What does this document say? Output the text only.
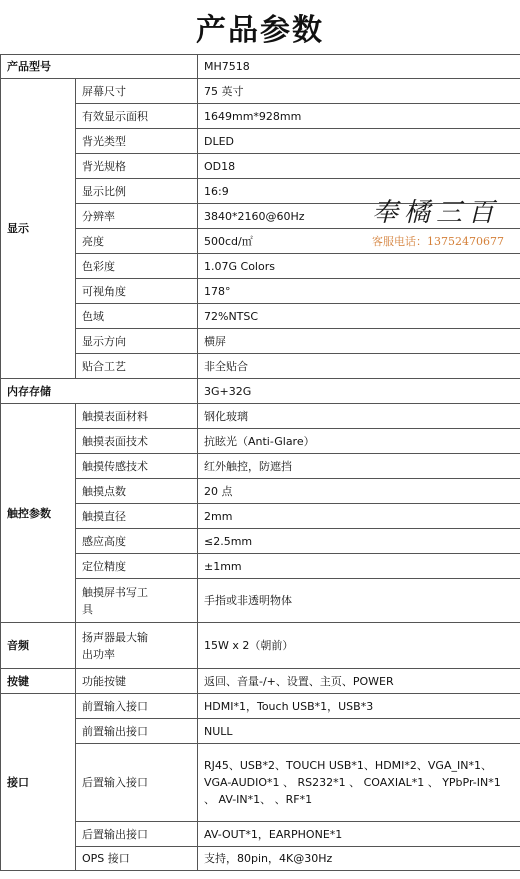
产品参数
产品型号		MH7518
显示	屏幕尺寸	75 英寸
	有效显示面积	1649mm*928mm
	背光类型	DLED
	背光规格	OD18
	显示比例	16:9
	分辨率	3840*2160@60Hz
	亮度	500cd/㎡
	色彩度	1.07G Colors
	可视角度	178°
	色域	72%NTSC
	显示方向	横屏
	贴合工艺	非全贴合
内存存储		3G+32G
触控参数	触摸表面材料	钢化玻璃
	触摸表面技术	抗眩光（Anti-Glare）
	触摸传感技术	红外触控，防遮挡
	触摸点数	20 点
	触摸直径	2mm
	感应高度	≤2.5mm
	定位精度	±1mm
	触摸屏书写工具	手指或非透明物体
音频	扬声器最大输出功率	15W x 2（朝前）
按键	功能按键	返回、音量-/+、设置、主页、POWER
接口	前置输入接口	HDMI*1，Touch USB*1，USB*3
	前置输出接口	NULL
	后置输入接口	RJ45、USB*2、TOUCH USB*1、HDMI*2、VGA_IN*1、VGA-AUDIO*1 、 RS232*1 、 COAXIAL*1 、 YPbPr-IN*1 、 AV-IN*1、 、RF*1
	后置输出接口	AV-OUT*1，EARPHONE*1
	OPS 接口	支持，80pin，4K@30Hz
奉橘三百
客服电话：13752470677
